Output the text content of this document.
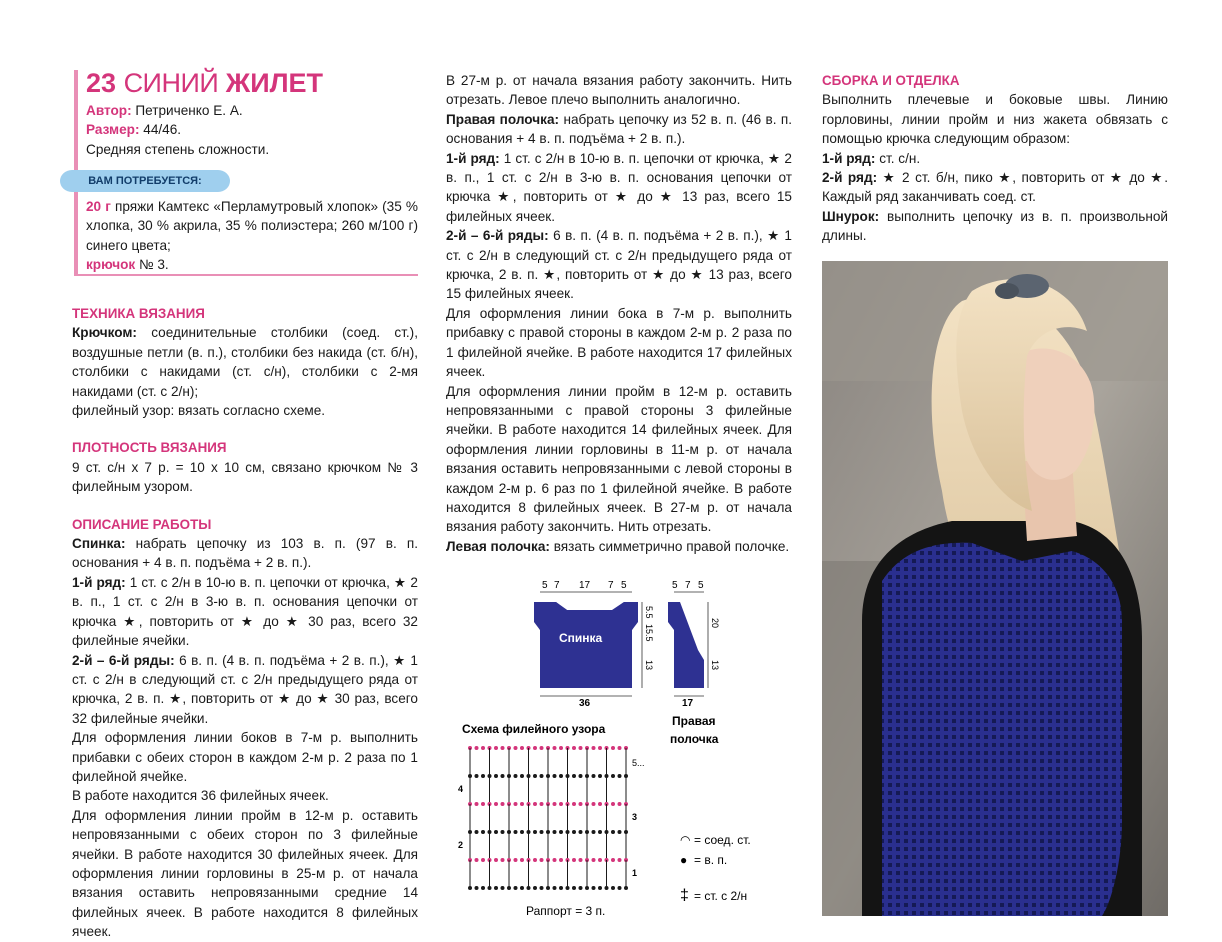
23 СИНИЙ ЖИЛЕТ

Автор: Петриченко Е. А.

Размер: 44/46.

Средняя степень сложности.

ВАМ ПОТРЕБУЕТСЯ:

20 г пряжи Камтекс «Перламутровый хлопок» (35 % хлопка, 30 % акрила, 35 % полиэстера; 260 м/100 г) синего цвета;

крючок № 3.

ТЕХНИКА ВЯЗАНИЯ

Крючком: соединительные столбики (соед. ст.), воздушные петли (в. п.), столбики без накида (ст. б/н), столбики с накидами (ст. с/н), столбики с 2-мя накидами (ст. с 2/н);

филейный узор: вязать согласно схеме.

ПЛОТНОСТЬ ВЯЗАНИЯ

9 ст. с/н х 7 р. = 10 х 10 см, связано крючком № 3 филейным узором.

ОПИСАНИЕ РАБОТЫ

Спинка: набрать цепочку из 103 в. п. (97 в. п. основания + 4 в. п. подъёма + 2 в. п.).

1-й ряд: 1 ст. с 2/н в 10-ю в. п. цепочки от крючка, ★ 2 в. п., 1 ст. с 2/н в 3-ю в. п. основания цепочки от крючка ★, повторить от ★ до ★ 30 раз, всего 32 филейные ячейки.

2-й – 6-й ряды: 6 в. п. (4 в. п. подъёма + 2 в. п.), ★ 1 ст. с 2/н в следующий ст. с 2/н предыдущего ряда от крючка, 2 в. п. ★, повторить от ★ до ★ 30 раз, всего 32 филейные ячейки.

Для оформления линии боков в 7-м р. выполнить прибавки с обеих сторон в каждом 2-м р. 2 раза по 1 филейной ячейке.

В работе находится 36 филейных ячеек.

Для оформления линии пройм в 12-м р. оставить непровязанными с обеих сторон по 3 филейные ячейки. В работе находится 30 филейных ячеек. Для оформления линии горловины в 25-м р. от начала вязания оставить непровязанными средние 14 филейных ячеек. В работе находится 8 филейных ячеек.

В 27-м р. от начала вязания работу закончить. Нить отрезать. Левое плечо выполнить аналогично.

Правая полочка: набрать цепочку из 52 в. п. (46 в. п. основания + 4 в. п. подъёма + 2 в. п.).

1-й ряд: 1 ст. с 2/н в 10-ю в. п. цепочки от крючка, ★ 2 в. п., 1 ст. с 2/н в 3-ю в. п. основания цепочки от крючка ★, повторить от ★ до ★ 13 раз, всего 15 филейных ячеек.

2-й – 6-й ряды: 6 в. п. (4 в. п. подъёма + 2 в. п.), ★ 1 ст. с 2/н в следующий ст. с 2/н предыдущего ряда от крючка, 2 в. п. ★, повторить от ★ до ★ 13 раз, всего 15 филейных ячеек.

Для оформления линии бока в 7-м р. выполнить прибавку с правой стороны в каждом 2-м р. 2 раза по 1 филейной ячейке. В работе находится 17 филейных ячеек.

Для оформления линии пройм в 12-м р. оставить непровязанными с правой стороны 3 филейные ячейки. В работе находится 14 филейных ячеек. Для оформления линии горловины в 11-м р. от начала вязания оставить непровязанными с левой стороны в каждом 2-м р. 6 раз по 1 филейной ячейке. В работе находится 8 филейных ячеек. В 27-м р. от начала вязания работу закончить. Нить отрезать.

Левая полочка: вязать симметрично правой полочке.

5 7 17 7 5
36
Спинка
5.5
15.5
13
5 7 5
17
20
13
Правая
полочка
Схема филейного узора
5...
4
3
2
1
Раппорт = 3 п.
◠ = соед. ст.
● = в. п.
‡ = ст. с 2/н

СБОРКА И ОТДЕЛКА

Выполнить плечевые и боковые швы. Линию горловины, линии пройм и низ жакета обвязать с помощью крючка следующим образом:

1-й ряд: ст. с/н.

2-й ряд: ★ 2 ст. б/н, пико ★, повторить от ★ до ★. Каждый ряд заканчивать соед. ст.

Шнурок: выполнить цепочку из в. п. произвольной длины.
